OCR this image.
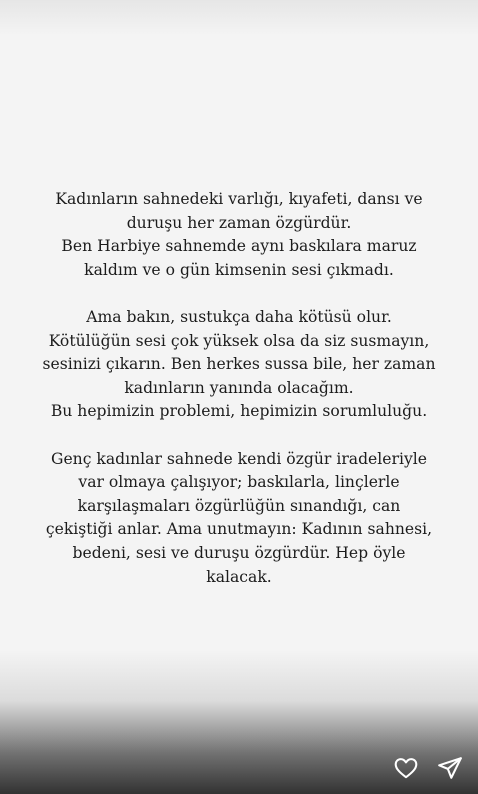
Kadınların sahnedeki varlığı, kıyafeti, dansı ve
duruşu her zaman özgürdür.
Ben Harbiye sahnemde aynı baskılara maruz
kaldım ve o gün kimsenin sesi çıkmadı.

Ama bakın, sustukça daha kötüsü olur.
Kötülüğün sesi çok yüksek olsa da siz susmayın,
sesinizi çıkarın. Ben herkes sussa bile, her zaman
kadınların yanında olacağım.
Bu hepimizin problemi, hepimizin sorumluluğu.

Genç kadınlar sahnede kendi özgür iradeleriyle
var olmaya çalışıyor; baskılarla, linçlerle
karşılaşmaları özgürlüğün sınandığı, can
çekiştiği anlar. Ama unutmayın: Kadının sahnesi,
bedeni, sesi ve duruşu özgürdür. Hep öyle
kalacak.
